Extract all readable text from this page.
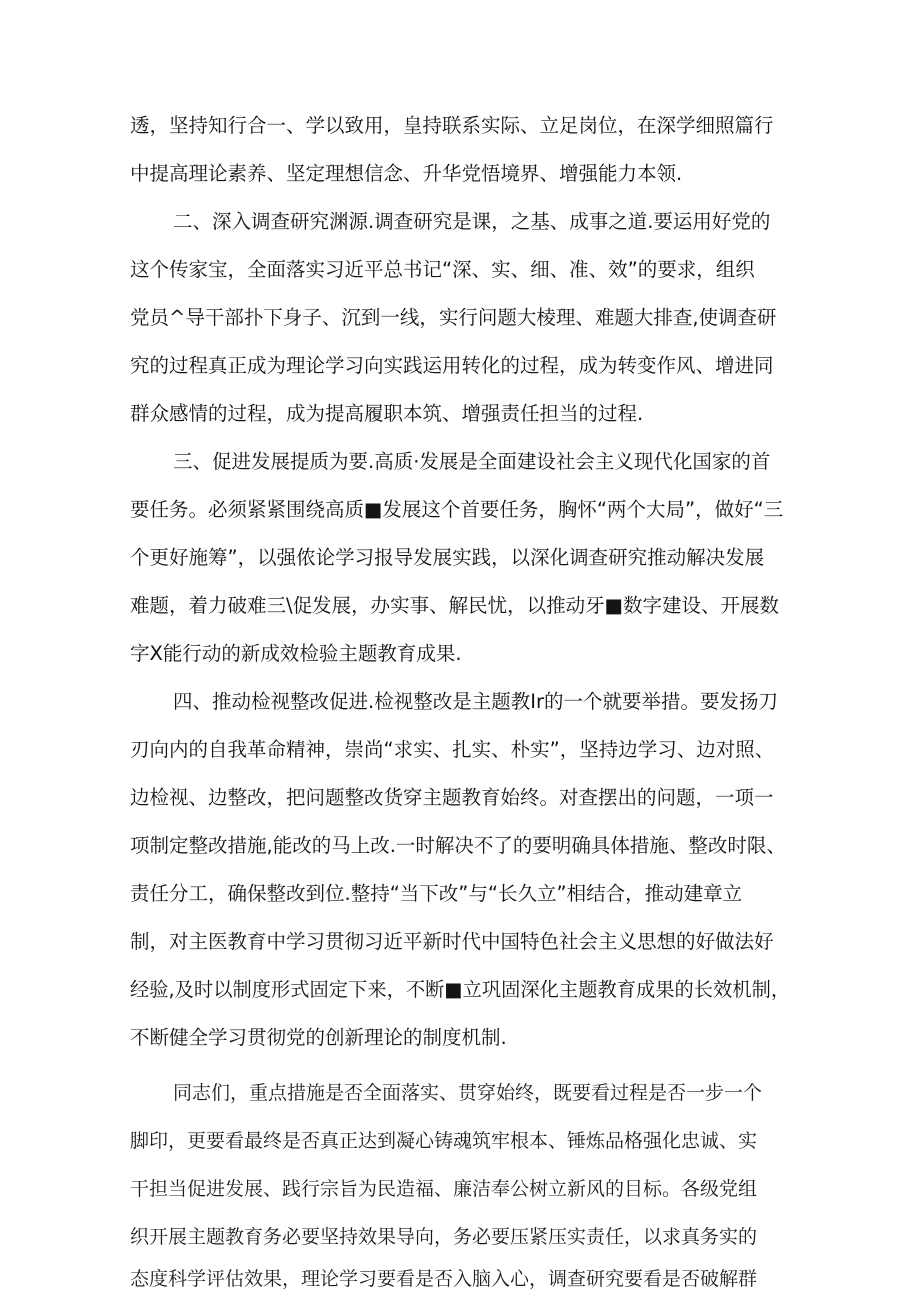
透，坚持知行合一、学以致用，皇持联系实际、立足岗位，在深学细照篇行
中提高理论素养、坚定理想信念、升华党悟境界、增强能力本领.
二、深入调查研究渊源.调查研究是课，之基、成事之道.要运用好党的
这个传家宝，全面落实习近平总书记“深、实、细、准、效”的要求，组织
党员^导干部扑下身子、沉到一线，实行问题大棱理、难题大排查,使调查研
究的过程真正成为理论学习向实践运用转化的过程，成为转变作风、增进同
群众感情的过程，成为提高履职本筑、增强责任担当的过程.
三、促进发展提质为要.高质·发展是全面建设社会主义现代化国家的首
要任务。必须紧紧围绕高质■发展这个首要任务，胸怀“两个大局”，做好“三
个更好施筹”，以强侬论学习报导发展实践，以深化调查研究推动解决发展
难题，着力破难三\促发展，办实事、解民忧，以推动牙■数字建设、开展数
字X能行动的新成效检验主题教育成果.
四、推动检视整改促进.检视整改是主题教Ir的一个就要举措。要发扬刀
刃向内的自我革命精神，崇尚“求实、扎实、朴实”，坚持边学习、边对照、
边检视、边整改，把问题整改货穿主题教育始终。对查摆出的问题，一项一
项制定整改措施,能改的马上改.一时解决不了的要明确具体措施、整改时限、
责任分工，确保整改到位.整持“当下改”与“长久立”相结合，推动建章立
制，对主医教育中学习贯彻习近平新时代中国特色社会主义思想的好做法好
经验,及时以制度形式固定下来，不断■立巩固深化主题教育成果的长效机制，
不断健全学习贯彻党的创新理论的制度机制.
同志们，重点措施是否全面落实、贯穿始终，既要看过程是否一步一个
脚印，更要看最终是否真正达到凝心铸魂筑牢根本、锤炼品格强化忠诚、实
干担当促进发展、践行宗旨为民造福、廉洁奉公树立新风的目标。各级党组
织开展主题教育务必要坚持效果导向，务必要压紧压实责任，以求真务实的
态度科学评估效果，理论学习要看是否入脑入心，调查研究要看是否破解群
